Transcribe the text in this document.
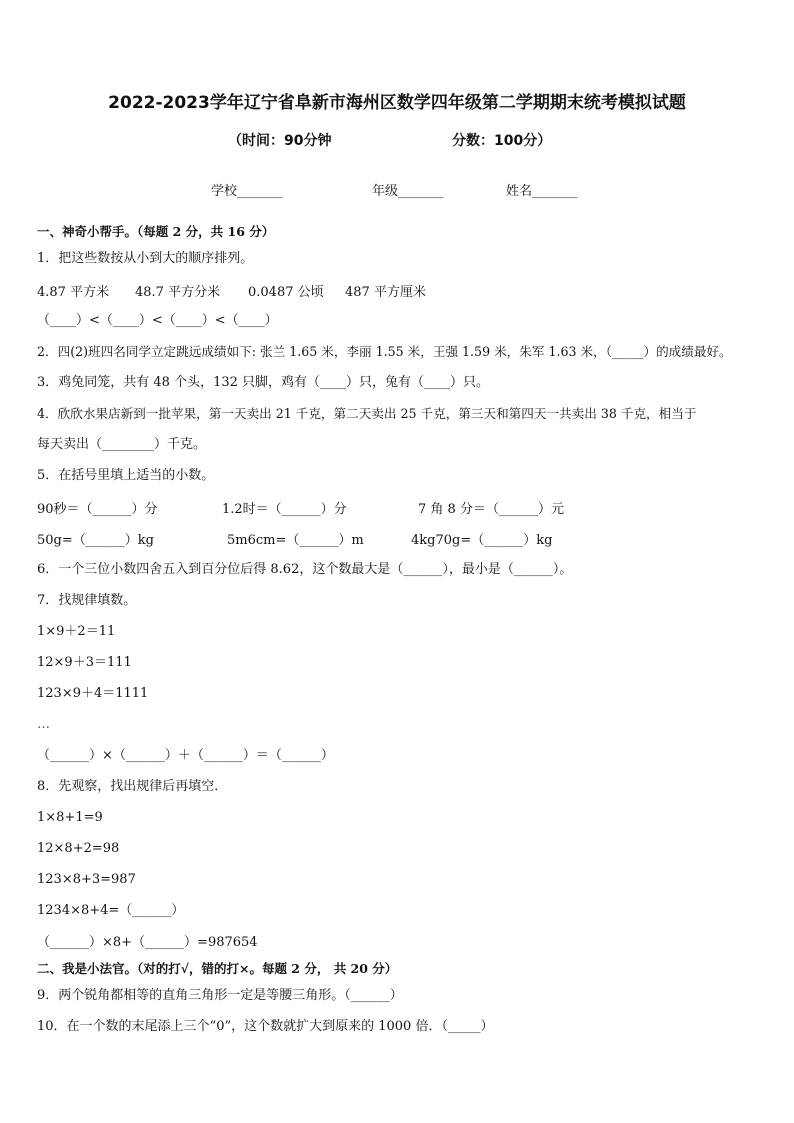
2022-2023学年辽宁省阜新市海州区数学四年级第二学期期末统考模拟试题
（时间：90分钟	分数：100分）
学校_______	年级_______	姓名_______
一、神奇小帮手。（每题 2 分，共 16 分）
1．把这些数按从小到大的顺序排列。
4.87 平方米 48.7 平方分米 0.0487 公顷 487 平方厘米
（____）<（____）<（____）<（____）
2．四(2)班四名同学立定跳远成绩如下: 张兰 1.65 米，李丽 1.55 米，王强 1.59 米，朱军 1.63 米，（_____）的成绩最好。
3．鸡兔同笼，共有 48 个头，132 只脚，鸡有（____）只，兔有（____）只。
4．欣欣水果店新到一批苹果，第一天卖出 21 千克，第二天卖出 25 千克，第三天和第四天一共卖出 38 千克，相当于
每天卖出（________）千克。
5．在括号里填上适当的小数。
90秒＝（______）分	1.2时＝（______）分	7 角 8 分＝（______）元
50g=（______）kg	5m6cm=（______）m	4kg70g=（______）kg
6．一个三位小数四舍五入到百分位后得 8.62，这个数最大是（______），最小是（______）。
7．找规律填数。
1×9＋2＝11
12×9＋3＝111
123×9＋4＝1111
…
（______）×（______）＋（______）＝（______）
8．先观察，找出规律后再填空．
1×8+1=9
12×8+2=98
123×8+3=987
1234×8+4=（______）
（______）×8+（______）=987654
二、我是小法官。（对的打√，错的打×。每题 2 分， 共 20 分）
9．两个锐角都相等的直角三角形一定是等腰三角形。（______）
10．在一个数的末尾添上三个“0”，这个数就扩大到原来的 1000 倍．（_____）
